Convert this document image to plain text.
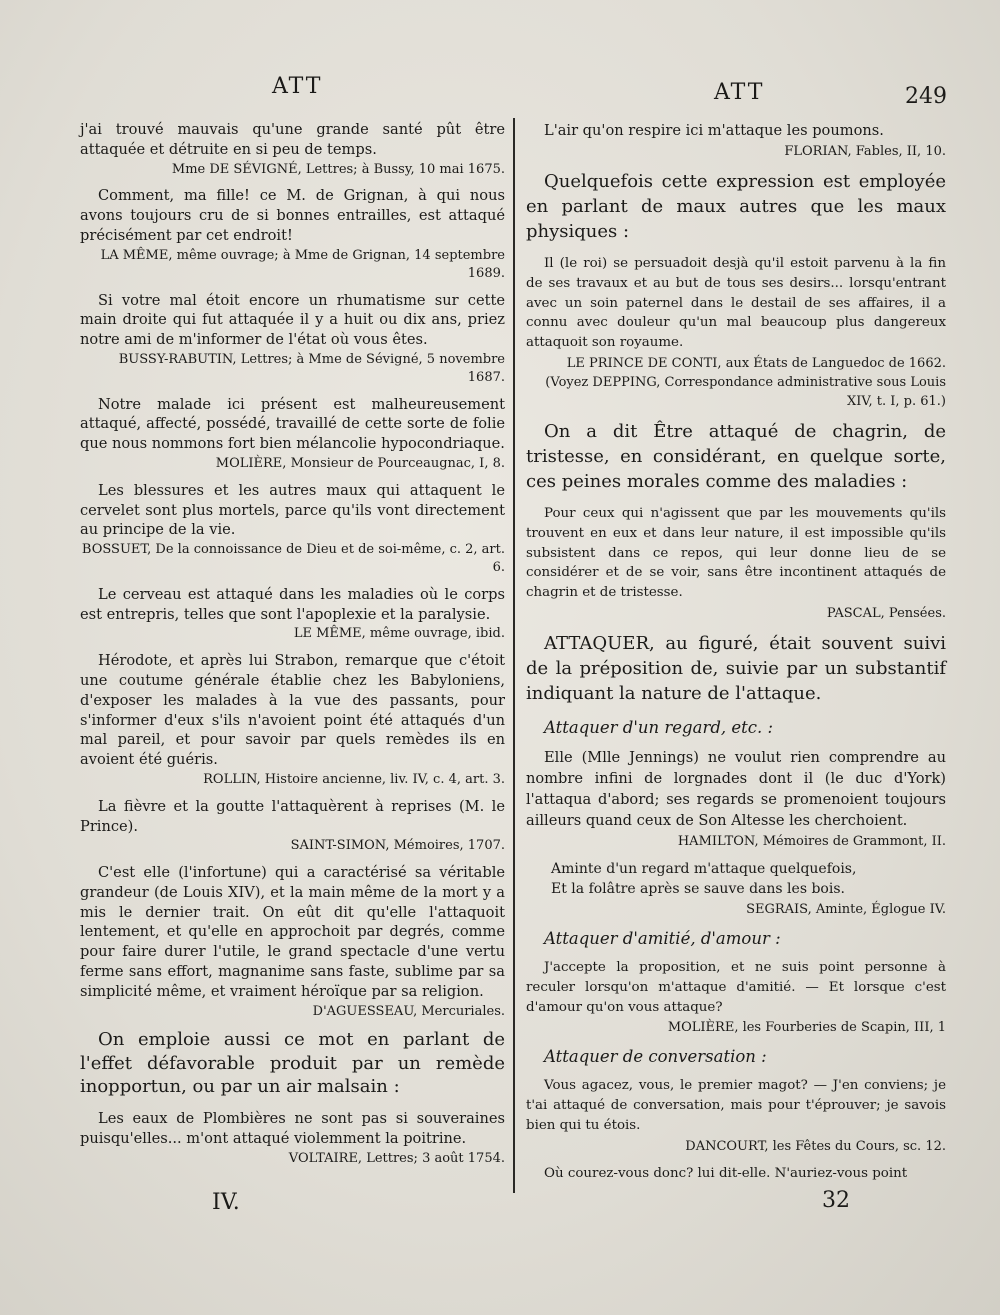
ATT	ATT	249

j'ai trouvé mauvais qu'une grande santé pût être attaquée et détruite en si peu de temps.

Mme DE SÉVIGNÉ, Lettres; à Bussy, 10 mai 1675.

Comment, ma fille! ce M. de Grignan, à qui nous avons toujours cru de si bonnes entrailles, est attaqué précisément par cet endroit!

LA MÊME, même ouvrage; à Mme de Grignan, 14 septembre 1689.

Si votre mal étoit encore un rhumatisme sur cette main droite qui fut attaquée il y a huit ou dix ans, priez notre ami de m'informer de l'état où vous êtes.

BUSSY-RABUTIN, Lettres; à Mme de Sévigné, 5 novembre 1687.

Notre malade ici présent est malheureusement attaqué, affecté, possédé, travaillé de cette sorte de folie que nous nommons fort bien mélancolie hypocondriaque.

MOLIÈRE, Monsieur de Pourceaugnac, I, 8.

Les blessures et les autres maux qui attaquent le cervelet sont plus mortels, parce qu'ils vont directement au principe de la vie.

BOSSUET, De la connoissance de Dieu et de soi-même, c. 2, art. 6.

Le cerveau est attaqué dans les maladies où le corps est entrepris, telles que sont l'apoplexie et la paralysie.

LE MÊME, même ouvrage, ibid.

Hérodote, et après lui Strabon, remarque que c'étoit une coutume générale établie chez les Babyloniens, d'exposer les malades à la vue des passants, pour s'informer d'eux s'ils n'avoient point été attaqués d'un mal pareil, et pour savoir par quels remèdes ils en avoient été guéris.

ROLLIN, Histoire ancienne, liv. IV, c. 4, art. 3.

La fièvre et la goutte l'attaquèrent à reprises (M. le Prince).

SAINT-SIMON, Mémoires, 1707.

C'est elle (l'infortune) qui a caractérisé sa véritable grandeur (de Louis XIV), et la main même de la mort y a mis le dernier trait. On eût dit qu'elle l'attaquoit lentement, et qu'elle en approchoit par degrés, comme pour faire durer l'utile, le grand spectacle d'une vertu ferme sans effort, magnanime sans faste, sublime par sa simplicité même, et vraiment héroïque par sa religion.

D'AGUESSEAU, Mercuriales.

On emploie aussi ce mot en parlant de l'effet défavorable produit par un remède inopportun, ou par un air malsain :

Les eaux de Plombières ne sont pas si souveraines puisqu'elles... m'ont attaqué violemment la poitrine.

VOLTAIRE, Lettres; 3 août 1754.

L'air qu'on respire ici m'attaque les poumons.

FLORIAN, Fables, II, 10.

Quelquefois cette expression est employée en parlant de maux autres que les maux physiques :

Il (le roi) se persuadoit desjà qu'il estoit parvenu à la fin de ses travaux et au but de tous ses desirs... lorsqu'entrant avec un soin paternel dans le destail de ses affaires, il a connu avec douleur qu'un mal beaucoup plus dangereux attaquoit son royaume.

LE PRINCE DE CONTI, aux États de Languedoc de 1662. (Voyez DEPPING, Correspondance administrative sous Louis XIV, t. I, p. 61.)

On a dit Être attaqué de chagrin, de tristesse, en considérant, en quelque sorte, ces peines morales comme des maladies :

Pour ceux qui n'agissent que par les mouvements qu'ils trouvent en eux et dans leur nature, il est impossible qu'ils subsistent dans ce repos, qui leur donne lieu de se considérer et de se voir, sans être incontinent attaqués de chagrin et de tristesse.

PASCAL, Pensées.

ATTAQUER, au figuré, était souvent suivi de la préposition de, suivie par un substantif indiquant la nature de l'attaque.

Attaquer d'un regard, etc. :

Elle (Mlle Jennings) ne voulut rien comprendre au nombre infini de lorgnades dont il (le duc d'York) l'attaqua d'abord; ses regards se promenoient toujours ailleurs quand ceux de Son Altesse les cherchoient.

HAMILTON, Mémoires de Grammont, II.

Aminte d'un regard m'attaque quelquefois,

Et la folâtre après se sauve dans les bois.

SEGRAIS, Aminte, Églogue IV.

Attaquer d'amitié, d'amour :

J'accepte la proposition, et ne suis point personne à reculer lorsqu'on m'attaque d'amitié. — Et lorsque c'est d'amour qu'on vous attaque?

MOLIÈRE, les Fourberies de Scapin, III, 1

Attaquer de conversation :

Vous agacez, vous, le premier magot? — J'en conviens; je t'ai attaqué de conversation, mais pour t'éprouver; je savois bien qui tu étois.

DANCOURT, les Fêtes du Cours, sc. 12.

Où courez-vous donc? lui dit-elle. N'auriez-vous point

IV.	32
